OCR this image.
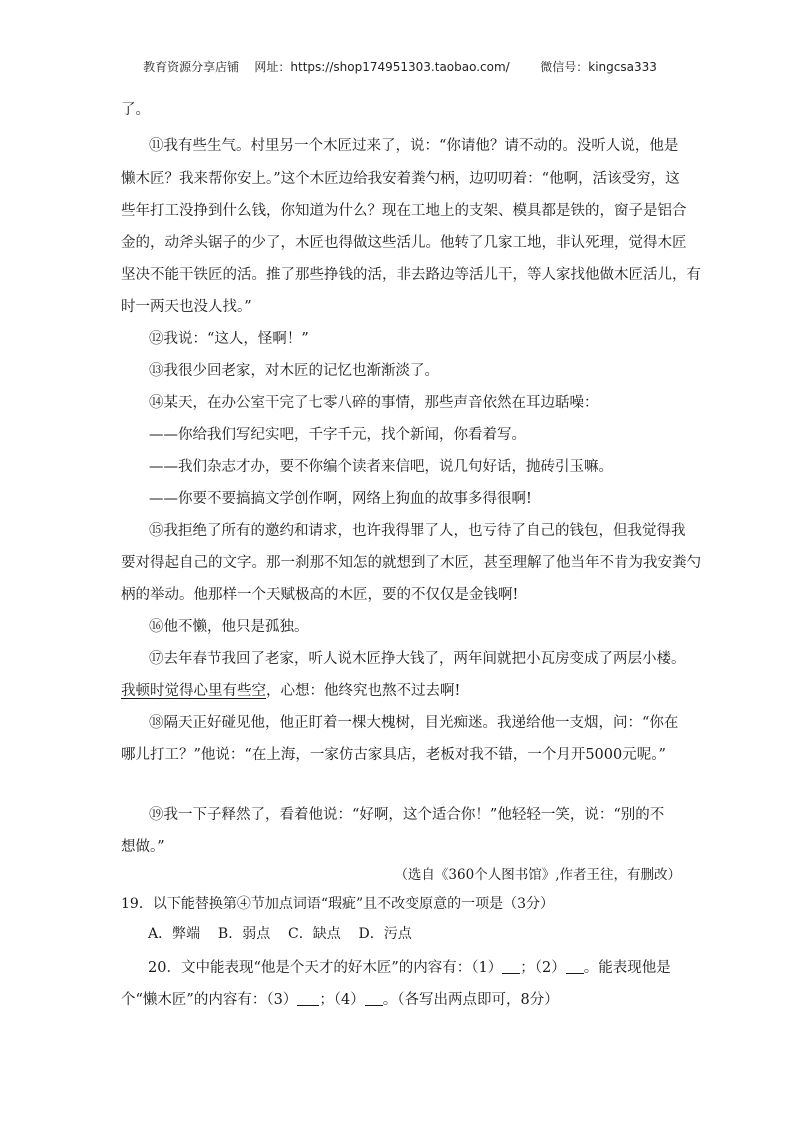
教育资源分享店铺    网址：https://shop174951303.taobao.com/        微信号：kingcsa333
了。
⑪我有些生气。村里另一个木匠过来了，说：“你请他？请不动的。没听人说，他是
懒木匠？我来帮你安上。”这个木匠边给我安着粪勺柄，边叨叨着：“他啊，活该受穷，这
些年打工没挣到什么钱，你知道为什么？现在工地上的支架、模具都是铁的，窗子是铝合
金的，动斧头锯子的少了，木匠也得做这些活儿。他转了几家工地，非认死理，觉得木匠
坚决不能干铁匠的活。推了那些挣钱的活，非去路边等活儿干，等人家找他做木匠活儿，有
时一两天也没人找。”
⑫我说：“这人，怪啊！”
⑬我很少回老家，对木匠的记忆也渐渐淡了。
⑭某天，在办公室干完了七零八碎的事情，那些声音依然在耳边聒噪：
——你给我们写纪实吧，千字千元，找个新闻，你看着写。
——我们杂志才办，要不你编个读者来信吧，说几句好话，抛砖引玉嘛。
——你要不要搞搞文学创作啊，网络上狗血的故事多得很啊!
⑮我拒绝了所有的邀约和请求，也许我得罪了人，也亏待了自己的钱包，但我觉得我
要对得起自己的文字。那一刹那不知怎的就想到了木匠，甚至理解了他当年不肯为我安粪勺
柄的举动。他那样一个天赋极高的木匠，要的不仅仅是金钱啊!
⑯他不懒，他只是孤独。
⑰去年春节我回了老家，听人说木匠挣大钱了，两年间就把小瓦房变成了两层小楼。
我顿时觉得心里有些空，心想：他终究也熬不过去啊!
⑱隔天正好碰见他，他正盯着一棵大槐树，目光痴迷。我递给他一支烟，问：“你在
哪儿打工？”他说：“在上海，一家仿古家具店，老板对我不错，一个月开5000元呢。”
⑲我一下子释然了，看着他说：“好啊，这个适合你！”他轻轻一笑，说：“别的不
想做。”
（选自《360个人图书馆》,作者王往，有删改）
19．以下能替换第④节加点词语“瑕疵”且不改变原意的一项是（3分）
A．弊端    B．弱点    C．缺点    D．污点
20．文中能表现“他是个天才的好木匠”的内容有：（1） ；（2） 。能表现他是
个“懒木匠”的内容有：（3） ；（4） 。（各写出两点即可，8分）
